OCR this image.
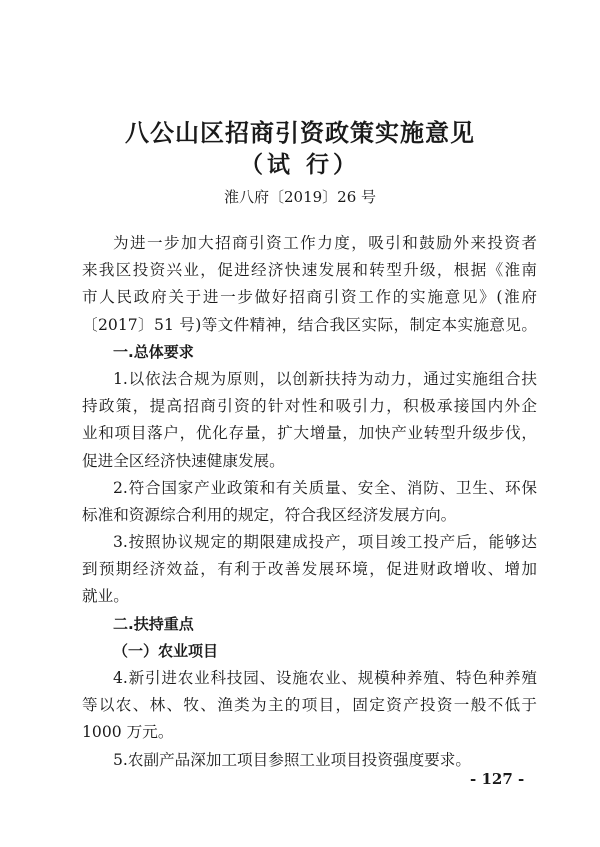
八公山区招商引资政策实施意见
（试 行）
淮八府〔2019〕26 号
为进一步加大招商引资工作力度，吸引和鼓励外来投资者
来我区投资兴业，促进经济快速发展和转型升级，根据《淮南
市人民政府关于进一步做好招商引资工作的实施意见》(淮府
〔2017〕51 号)等文件精神，结合我区实际，制定本实施意见。
一.总体要求
1.以依法合规为原则，以创新扶持为动力，通过实施组合扶
持政策，提高招商引资的针对性和吸引力，积极承接国内外企
业和项目落户，优化存量，扩大增量，加快产业转型升级步伐，
促进全区经济快速健康发展。
2.符合国家产业政策和有关质量、安全、消防、卫生、环保
标准和资源综合利用的规定，符合我区经济发展方向。
3.按照协议规定的期限建成投产，项目竣工投产后，能够达
到预期经济效益，有利于改善发展环境，促进财政增收、增加
就业。
二.扶持重点
（一）农业项目
4.新引进农业科技园、设施农业、规模种养殖、特色种养殖
等以农、林、牧、渔类为主的项目，固定资产投资一般不低于
1000 万元。
5.农副产品深加工项目参照工业项目投资强度要求。
- 127 -
